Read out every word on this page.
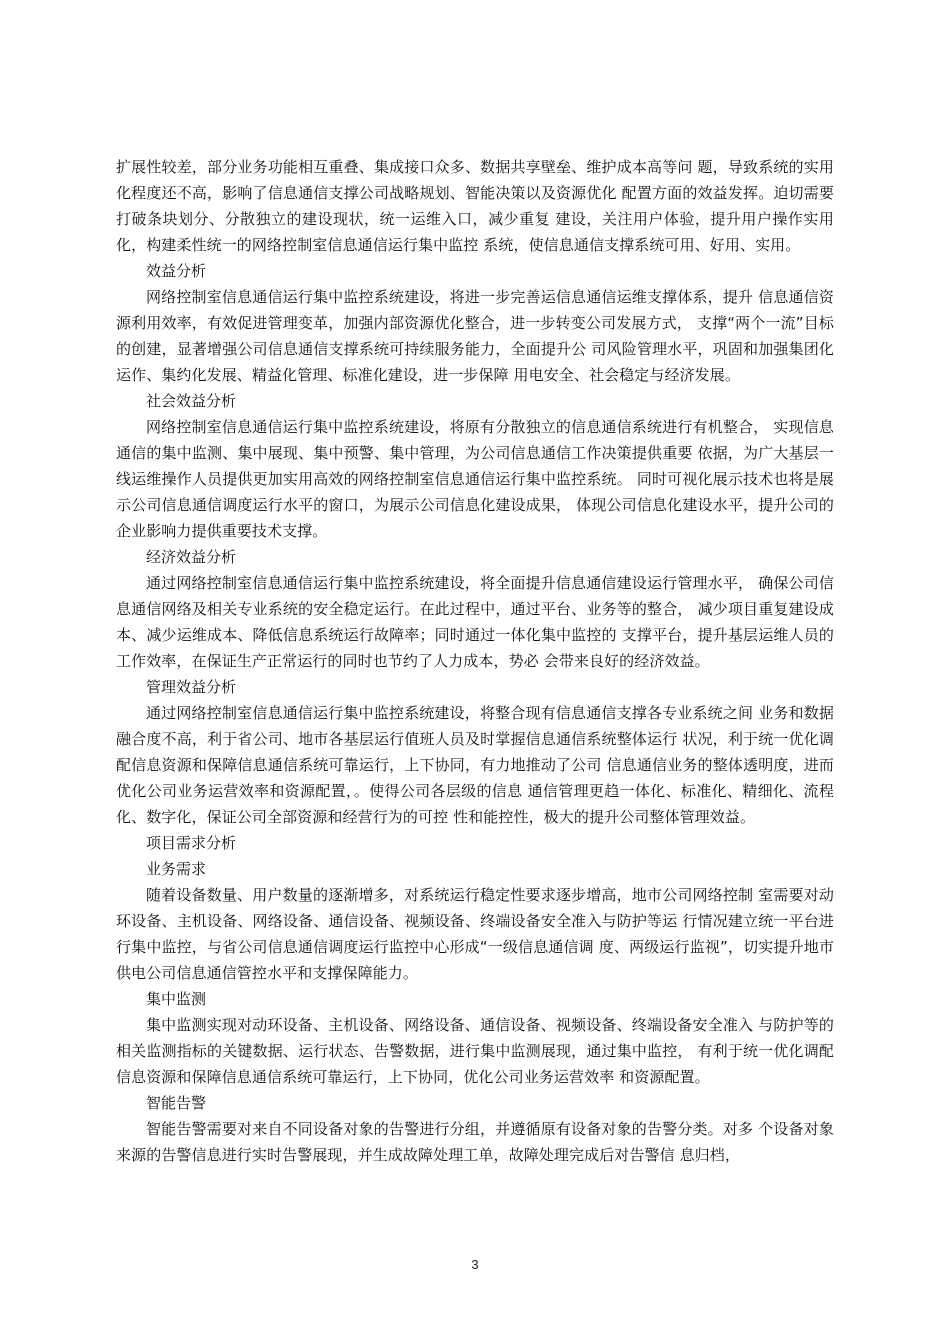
扩展性较差，部分业务功能相互重叠、集成接口众多、数据共享壁垒、维护成本高等问 题，导致系统的实用化程度还不高，影响了信息通信支撑公司战略规划、智能决策以及资源优化 配置方面的效益发挥。迫切需要打破条块划分、分散独立的建设现状，统一运维入口，减少重复 建设，关注用户体验，提升用户操作实用化，构建柔性统一的网络控制室信息通信运行集中监控 系统，使信息通信支撑系统可用、好用、实用。

效益分析

网络控制室信息通信运行集中监控系统建设，将进一步完善运信息通信运维支撑体系，提升 信息通信资源利用效率，有效促进管理变革，加强内部资源优化整合，进一步转变公司发展方式， 支撑“两个一流”目标的创建，显著增强公司信息通信支撑系统可持续服务能力，全面提升公 司风险管理水平，巩固和加强集团化运作、集约化发展、精益化管理、标准化建设，进一步保障 用电安全、社会稳定与经济发展。

社会效益分析

网络控制室信息通信运行集中监控系统建设，将原有分散独立的信息通信系统进行有机整合， 实现信息通信的集中监测、集中展现、集中预警、集中管理，为公司信息通信工作决策提供重要 依据，为广大基层一线运维操作人员提供更加实用高效的网络控制室信息通信运行集中监控系统。 同时可视化展示技术也将是展示公司信息通信调度运行水平的窗口，为展示公司信息化建设成果， 体现公司信息化建设水平，提升公司的企业影响力提供重要技术支撑。

经济效益分析

通过网络控制室信息通信运行集中监控系统建设，将全面提升信息通信建设运行管理水平， 确保公司信息通信网络及相关专业系统的安全稳定运行。在此过程中，通过平台、业务等的整合， 减少项目重复建设成本、减少运维成本、降低信息系统运行故障率；同时通过一体化集中监控的 支撑平台，提升基层运维人员的工作效率，在保证生产正常运行的同时也节约了人力成本，势必 会带来良好的经济效益。

管理效益分析

通过网络控制室信息通信运行集中监控系统建设，将整合现有信息通信支撑各专业系统之间 业务和数据融合度不高，利于省公司、地市各基层运行值班人员及时掌握信息通信系统整体运行 状况，利于统一优化调配信息资源和保障信息通信系统可靠运行，上下协同，有力地推动了公司 信息通信业务的整体透明度，进而优化公司业务运营效率和资源配置，。使得公司各层级的信息 通信管理更趋一体化、标准化、精细化、流程化、数字化，保证公司全部资源和经营行为的可控 性和能控性，极大的提升公司整体管理效益。

项目需求分析

业务需求

随着设备数量、用户数量的逐渐增多，对系统运行稳定性要求逐步增高，地市公司网络控制 室需要对动环设备、主机设备、网络设备、通信设备、视频设备、终端设备安全准入与防护等运 行情况建立统一平台进行集中监控，与省公司信息通信调度运行监控中心形成“一级信息通信调 度、两级运行监视”，切实提升地市供电公司信息通信管控水平和支撑保障能力。

集中监测

集中监测实现对动环设备、主机设备、网络设备、通信设备、视频设备、终端设备安全准入 与防护等的相关监测指标的关键数据、运行状态、告警数据，进行集中监测展现，通过集中监控， 有利于统一优化调配信息资源和保障信息通信系统可靠运行，上下协同，优化公司业务运营效率 和资源配置。

智能告警

智能告警需要对来自不同设备对象的告警进行分组，并遵循原有设备对象的告警分类。对多 个设备对象来源的告警信息进行实时告警展现，并生成故障处理工单，故障处理完成后对告警信 息归档，

3
